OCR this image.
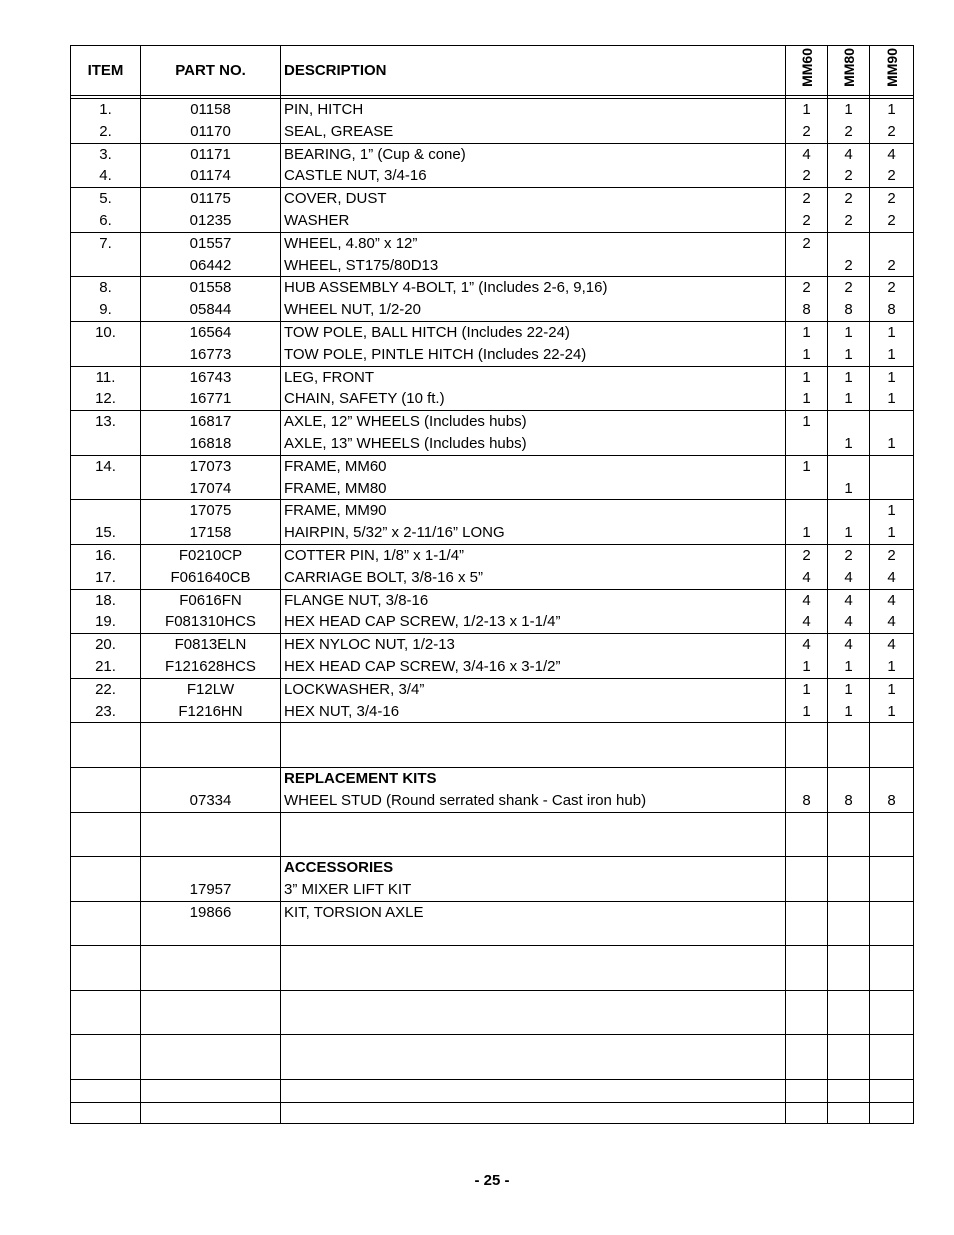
ITEM	PART NO.	DESCRIPTION	MM60	MM80	MM90

1.	01158	PIN, HITCH	1	1	1
2.	01170	SEAL, GREASE	2	2	2
3.	01171	BEARING, 1” (Cup & cone)	4	4	4
4.	01174	CASTLE NUT, 3/4-16	2	2	2
5.	01175	COVER, DUST	2	2	2
6.	01235	WASHER	2	2	2
7.	01557	WHEEL, 4.80” x 12”	2		
	06442	WHEEL, ST175/80D13		2	2
8.	01558	HUB ASSEMBLY 4-BOLT, 1” (Includes 2-6, 9,16)	2	2	2
9.	05844	WHEEL NUT, 1/2-20	8	8	8
10.	16564	TOW POLE, BALL HITCH (Includes 22-24)	1	1	1
	16773	TOW POLE, PINTLE HITCH (Includes 22-24)	1	1	1
11.	16743	LEG, FRONT	1	1	1
12.	16771	CHAIN, SAFETY (10 ft.)	1	1	1
13.	16817	AXLE, 12” WHEELS (Includes hubs)	1		
	16818	AXLE, 13” WHEELS (Includes hubs)		1	1
14.	17073	FRAME, MM60	1		
	17074	FRAME, MM80		1	
	17075	FRAME, MM90			1
15.	17158	HAIRPIN, 5/32” x 2-11/16” LONG	1	1	1
16.	F0210CP	COTTER PIN, 1/8” x 1-1/4”	2	2	2
17.	F061640CB	CARRIAGE BOLT, 3/8-16 x 5”	4	4	4
18.	F0616FN	FLANGE NUT, 3/8-16	4	4	4
19.	F081310HCS	HEX HEAD CAP SCREW, 1/2-13 x 1-1/4”	4	4	4
20.	F0813ELN	HEX NYLOC NUT, 1/2-13	4	4	4
21.	F121628HCS	HEX HEAD CAP SCREW, 3/4-16 x 3-1/2”	1	1	1
22.	F12LW	LOCKWASHER, 3/4”	1	1	1
23.	F1216HN	HEX NUT, 3/4-16	1	1	1

		REPLACEMENT KITS			
	07334	WHEEL STUD (Round serrated shank - Cast iron hub)	8	8	8

		ACCESSORIES			
	17957	3” MIXER LIFT KIT			
	19866	KIT, TORSION AXLE			

- 25 -
